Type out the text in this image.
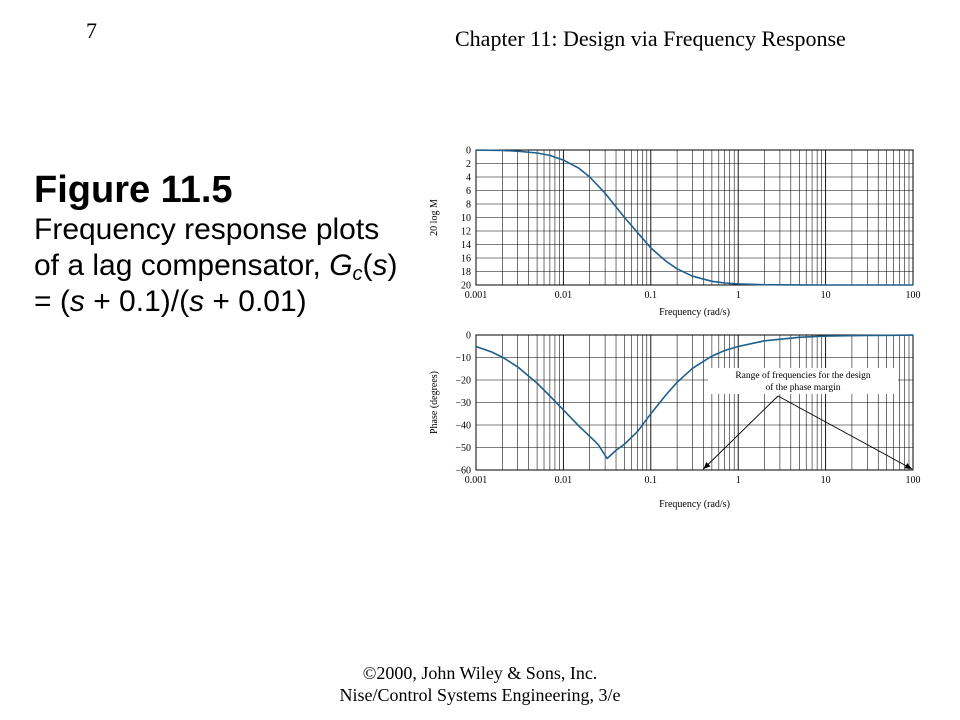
7	Chapter 11: Design via Frequency Response
Figure 11.5
Frequency response plots of a lag compensator, $G_c(s) = (s + 0.1)/(s + 0.01)$
0
2
4
6
8
10
12
14
16
18
20
0.001	0.01	0.1	1	10	100
Frequency (rad/s)
20 log M
0
−10
−20
−30
−40
−50
−60
0.001	0.01	0.1	1	10	100
Frequency (rad/s)
Phase (degrees)	Range of frequencies for the design
of the phase margin
©2000, John Wiley & Sons, Inc.
Nise/Control Systems Engineering, 3/e
